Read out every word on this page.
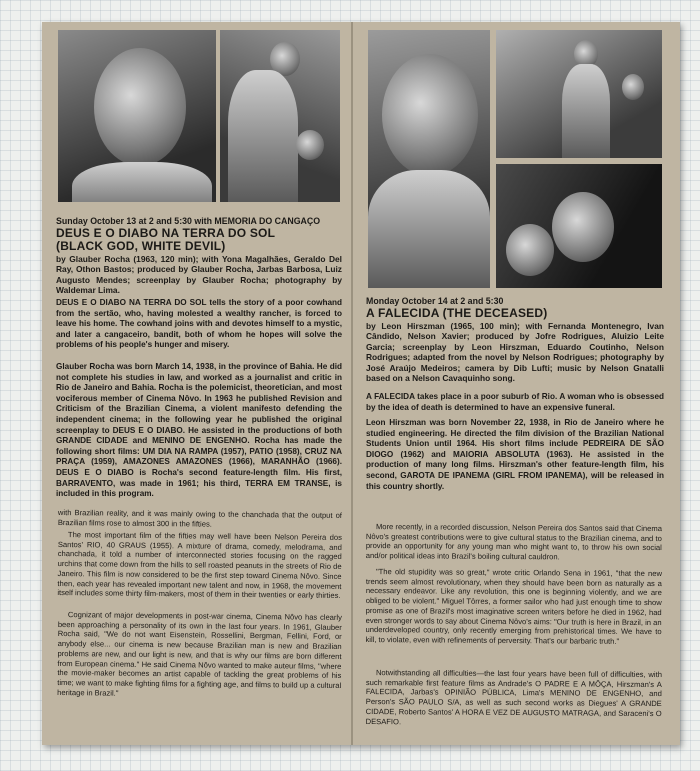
Sunday October 13 at 2 and 5:30 with MEMORIA DO CANGAÇO
DEUS E O DIABO NA TERRA DO SOL
(BLACK GOD, WHITE DEVIL)

by Glauber Rocha (1963, 120 min); with Yona Magalhães, Geraldo Del Ray, Othon Bastos; produced by Glauber Rocha, Jarbas Barbosa, Luiz Augusto Mendes; screenplay by Glauber Rocha; photography by Waldemar Lima.

DEUS E O DIABO NA TERRA DO SOL tells the story of a poor cowhand from the sertão, who, having molested a wealthy rancher, is forced to leave his home. The cowhand joins with and devotes himself to a mystic, and later a cangaceiro, bandit, both of whom he hopes will solve the problems of his people's hunger and misery.

Glauber Rocha was born March 14, 1938, in the province of Bahia. He did not complete his studies in law, and worked as a journalist and critic in Rio de Janeiro and Bahia. Rocha is the polemicist, theoretician, and most vociferous member of Cinema Nôvo. In 1963 he published Revision and Criticism of the Brazilian Cinema, a violent manifesto defending the independent cinema; in the following year he published the original screenplay to DEUS E O DIABO. He assisted in the productions of both GRANDE CIDADE and MENINO DE ENGENHO. Rocha has made the following short films: UM DIA NA RAMPA (1957), PATIO (1958), CRUZ NA PRAÇA (1959), AMAZONES AMAZONES (1966), MARANHÃO (1966). DEUS E O DIABO is Rocha's second feature-length film. His first, BARRAVENTO, was made in 1961; his third, TERRA EM TRANSE, is included in this program.

with Brazilian reality, and it was mainly owing to the chanchada that the output of Brazilian films rose to almost 300 in the fifties.

The most important film of the fifties may well have been Nelson Pereira dos Santos' RIO, 40 GRAUS (1955). A mixture of drama, comedy, melodrama, and chanchada, it told a number of interconnected stories focusing on the ragged urchins that come down from the hills to sell roasted peanuts in the streets of Rio de Janeiro. This film is now considered to be the first step toward Cinema Nôvo. Since then, each year has revealed important new talent and now, in 1968, the movement itself includes some thirty film-makers, most of them in their twenties or early thirties.

Cognizant of major developments in post-war cinema, Cinema Nôvo has clearly been approaching a personality of its own in the last four years. In 1961, Glauber Rocha said, "We do not want Eisenstein, Rossellini, Bergman, Fellini, Ford, or anybody else... our cinema is new because Brazilian man is new and Brazilian problems are new, and our light is new, and that is why our films are born different from European cinema." He said Cinema Nôvo wanted to make auteur films, "where the movie-maker becomes an artist capable of tackling the great problems of his time; we want to make fighting films for a fighting age, and films to build up a cultural heritage in Brazil."

Monday October 14 at 2 and 5:30
A FALECIDA (THE DECEASED)

by Leon Hirszman (1965, 100 min); with Fernanda Montenegro, Ivan Cândido, Nelson Xavier; produced by Jofre Rodrigues, Aluizio Leite Garcia; screenplay by Leon Hirszman, Eduardo Coutinho, Nelson Rodrigues; adapted from the novel by Nelson Rodrigues; photography by José Araújo Medeiros; camera by Dib Lufti; music by Nelson Gnatalli based on a Nelson Cavaquinho song.

A FALECIDA takes place in a poor suburb of Rio. A woman who is obsessed by the idea of death is determined to have an expensive funeral.

Leon Hirszman was born November 22, 1938, in Rio de Janeiro where he studied engineering. He directed the film division of the Brazilian National Students Union until 1964. His short films include PEDREIRA DE SÃO DIOGO (1962) and MAIORIA ABSOLUTA (1963). He assisted in the production of many long films. Hirszman's other feature-length film, his second, GAROTA DE IPANEMA (GIRL FROM IPANEMA), will be released in this country shortly.

More recently, in a recorded discussion, Nelson Pereira dos Santos said that Cinema Nôvo's greatest contributions were to give cultural status to the Brazilian cinema, and to provide an opportunity for any young man who might want to, to throw his own social and/or political ideas into Brazil's boiling cultural cauldron.

"The old stupidity was so great," wrote critic Orlando Sena in 1961, "that the new trends seem almost revolutionary, when they should have been born as naturally as a necessary endeavor. Like any revolution, this one is beginning violently, and we are obliged to be violent." Miguel Tôrres, a former sailor who had just enough time to show promise as one of Brazil's most imaginative screen writers before he died in 1962, had even stronger words to say about Cinema Nôvo's aims: "Our truth is here in Brazil, in an underdeveloped country, only recently emerging from prehistorical times. We have to kill, to violate, even with refinements of perversity. That's our barbaric truth."

Notwithstanding all difficulties—the last four years have been full of difficulties, with such remarkable first feature films as Andrade's O PADRE E A MÔÇA, Hirszman's A FALECIDA, Jarbas's OPINIÃO PÚBLICA, Lima's MENINO DE ENGENHO, and Person's SÃO PAULO S/A, as well as such second works as Diegues' A GRANDE CIDADE, Roberto Santos' A HORA E VEZ DE AUGUSTO MATRAGA, and Saraceni's O DESAFIO.
